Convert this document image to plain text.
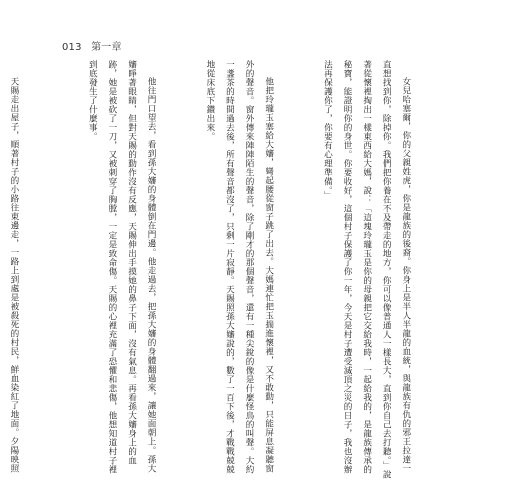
013 第一章

女兒哈塞爾，你的父親姓虎，你是龍族的後裔。你身上是半人半龍的血統，與龍族有仇的邪王拉達一直想找到你，除掉你。我們把你養在不及帶走的地方，你可以像普通人一樣長大，直到你自己去打聽。」說著從懷裡掏出一樣東西給大媽，說：「這塊玲瓏玉是你的母親把它交給我時，一起給我的，是龍族傳承的秘寶，能證明你的身世。你要收好，這個村子保護了你一年，今天是村子遭受滅頂之災的日子，我也沒辦法再保護你了，你要有心理準備。」

他把玲瓏玉塞給大嬸，彎起腰從窗子跳了出去。大媽連忙把玉揣進懷裡，又不敢動，只能屏息凝聽窗外的聲音。窗外傳來陣陣陌生的聲音，除了剛才的那個聲音，還有一種尖銳的像是什麼怪鳥的叫聲。大約一盞茶的時間過去後，所有聲音都沒了，只剩一片寂靜。天賜照孫大嬸說的，數了一百下後，才戰戰兢兢地從床底下鑽出來。

他往門口望去，看到孫大嬸的身體倒在門邊。他走過去，把孫大嬸的身體翻過來，讓她面朝上。孫大嬸睜著眼睛，但對天賜的動作沒有反應，天賜伸出手摸她的鼻子下面，沒有氣息。再看孫大嬸身上的血跡，她是被砍了一刀，又被刺穿了胸膛，一定是致命傷。天賜的心裡充滿了恐懼和悲傷，他想知道村子裡到底發生了什麼事。

天賜走出屋子，順著村子的小路往東邊走，一路上到處是被殺死的村民，鮮血染紅了地面。夕陽映照
